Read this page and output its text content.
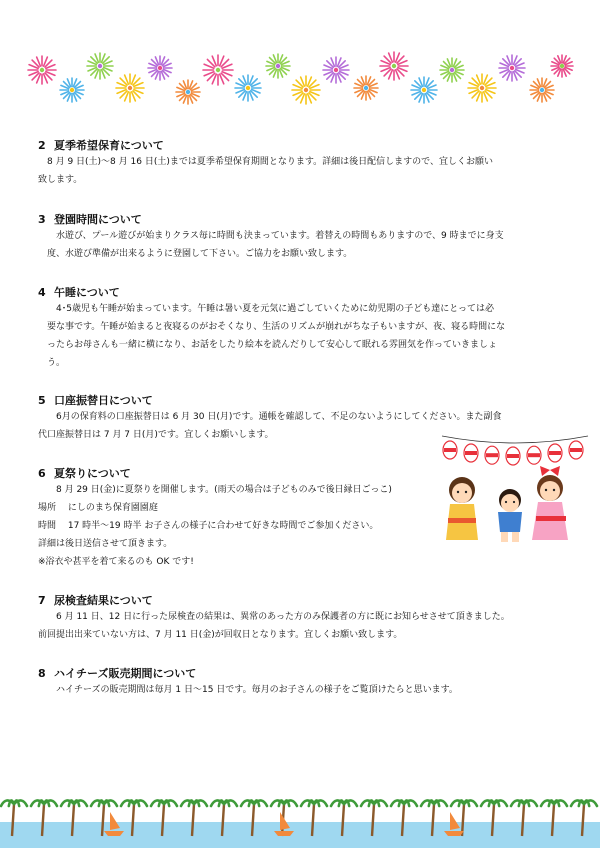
2 夏季希望保育について

　8 月 9 日(土)～8 月 16 日(土)までは夏季希望保育期間となります。詳細は後日配信しますので、宜しくお願い
致します。

3 登園時間について

　　水遊び、プール遊びが始まりクラス毎に時間も決まっています。着替えの時間もありますので、9 時までに身支
　度、水遊び準備が出来るように登園して下さい。ご協力をお願い致します。

4 午睡について

　　4･5歳児も午睡が始まっています。午睡は暑い夏を元気に過ごしていくために幼児期の子ども達にとっては必
　要な事です。午睡が始まると夜寝るのがおそくなり、生活のリズムが崩れがちな子もいますが、夜、寝る時間にな
　ったらお母さんも一緒に横になり、お話をしたり絵本を読んだりして安心して眠れる雰囲気を作っていきましょ
　う。

5 口座振替日について

　　6月の保育料の口座振替日は 6 月 30 日(月)です。通帳を確認して、不足のないようにしてください。また副食
代口座振替日は 7 月 7 日(月)です。宜しくお願いします。

6 夏祭りについて

　　8 月 29 日(金)に夏祭りを開催します。(雨天の場合は子どものみで後日縁日ごっこ)
場所　 にしのまち保育園園庭
時間　 17 時半～19 時半 お子さんの様子に合わせて好きな時間でご参加ください。
詳細は後日送信させて頂きます。
※浴衣や甚平を着て来るのも OK です!

7 尿検査結果について

　　6 月 11 日、12 日に行った尿検査の結果は、異常のあった方のみ保護者の方に既にお知らせさせて頂きました。
前回提出出来ていない方は、7 月 11 日(金)が回収日となります。宜しくお願い致します。

8 ハイチーズ販売期間について

　　ハイチーズの販売期間は毎月 1 日～15 日です。毎月のお子さんの様子をご覧頂けたらと思います。
